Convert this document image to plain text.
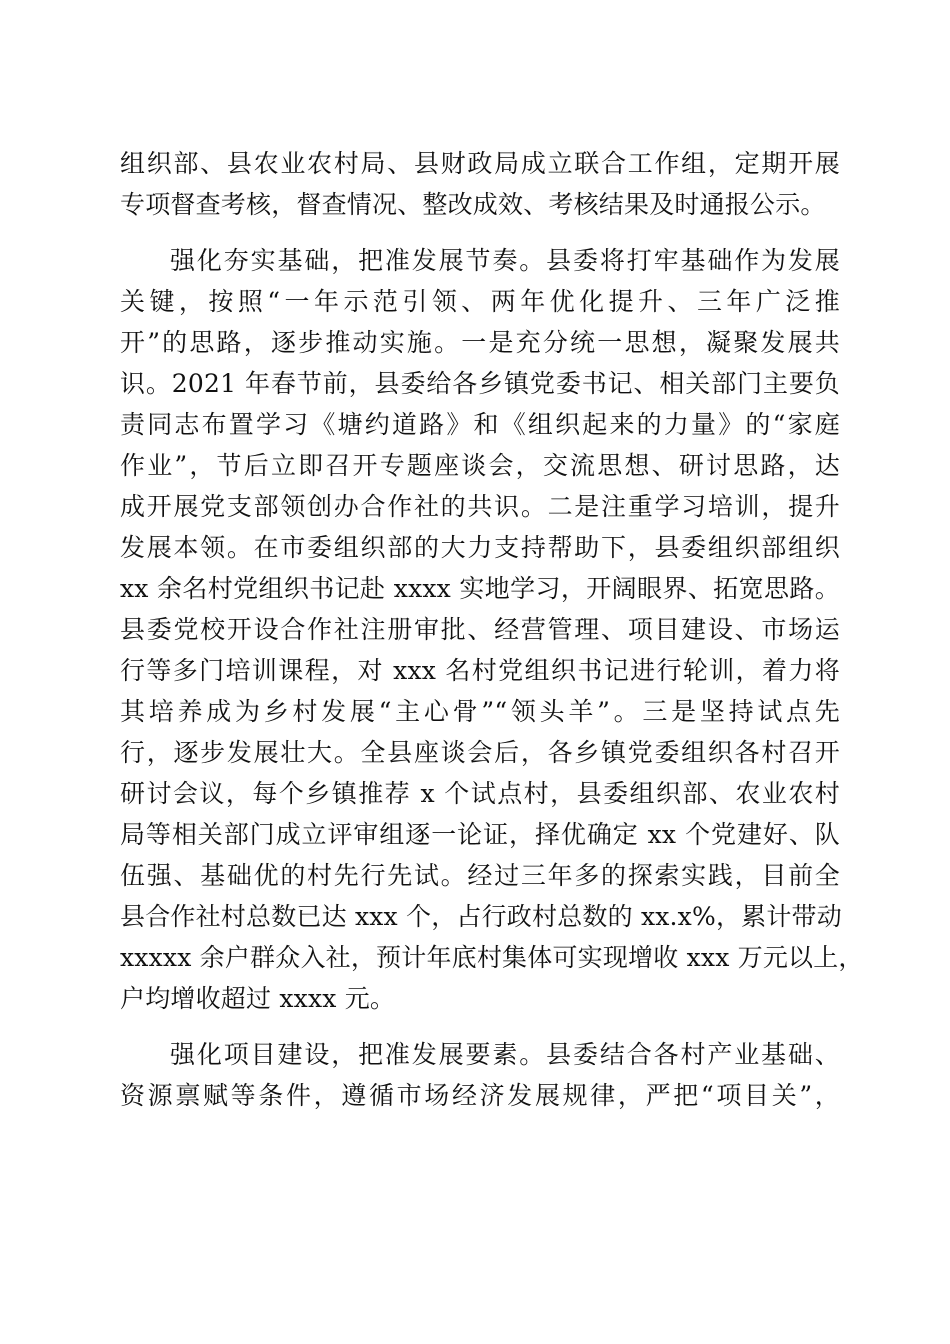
组织部、县农业农村局、县财政局成立联合工作组，定期开展
专项督查考核，督查情况、整改成效、考核结果及时通报公示。
强化夯实基础，把准发展节奏。县委将打牢基础作为发展
关键，按照“一年示范引领、两年优化提升、三年广泛推
开”的思路，逐步推动实施。一是充分统一思想，凝聚发展共
识。2021 年春节前，县委给各乡镇党委书记、相关部门主要负
责同志布置学习《塘约道路》和《组织起来的力量》的“家庭
作业”，节后立即召开专题座谈会，交流思想、研讨思路，达
成开展党支部领创办合作社的共识。二是注重学习培训，提升
发展本领。在市委组织部的大力支持帮助下，县委组织部组织
xx 余名村党组织书记赴 xxxx 实地学习，开阔眼界、拓宽思路。
县委党校开设合作社注册审批、经营管理、项目建设、市场运
行等多门培训课程，对 xxx 名村党组织书记进行轮训，着力将
其培养成为乡村发展“主心骨”“领头羊”。三是坚持试点先
行，逐步发展壮大。全县座谈会后，各乡镇党委组织各村召开
研讨会议，每个乡镇推荐 x 个试点村，县委组织部、农业农村
局等相关部门成立评审组逐一论证，择优确定 xx 个党建好、队
伍强、基础优的村先行先试。经过三年多的探索实践，目前全
县合作社村总数已达 xxx 个，占行政村总数的 xx.x%，累计带动
xxxxx 余户群众入社，预计年底村集体可实现增收 xxx 万元以上，
户均增收超过 xxxx 元。
强化项目建设，把准发展要素。县委结合各村产业基础、
资源禀赋等条件，遵循市场经济发展规律，严把“项目关”，
